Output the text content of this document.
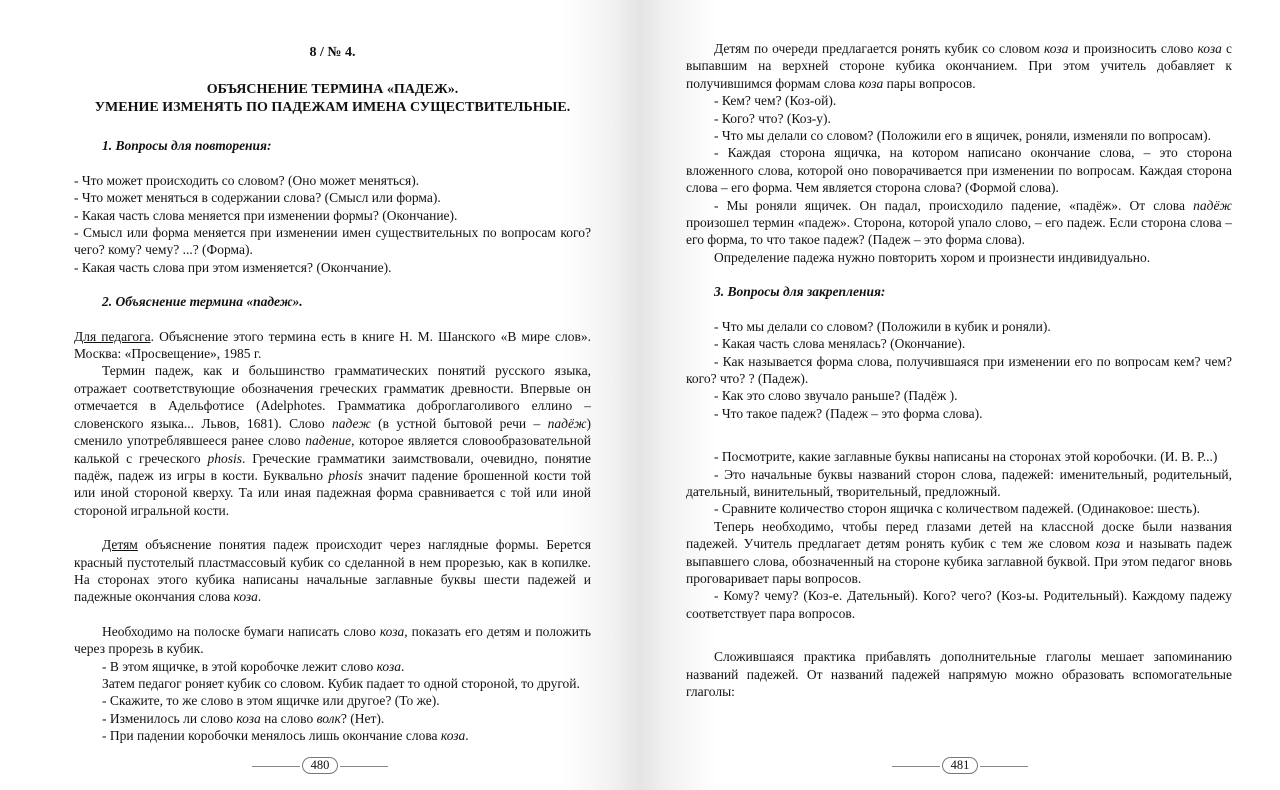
8 / № 4.

ОБЪЯСНЕНИЕ ТЕРМИНА «ПАДЕЖ».

УМЕНИЕ ИЗМЕНЯТЬ ПО ПАДЕЖАМ ИМЕНА СУЩЕСТВИТЕЛЬНЫЕ.

1. Вопросы для повторения:

- Что может происходить со словом? (Оно может меняться).

- Что может меняться в содержании слова? (Смысл или форма).

- Какая часть слова меняется при изменении формы? (Окончание).

- Смысл или форма меняется при изменении имен существительных по вопросам кого? чего? кому? чему? ...? (Форма).

- Какая часть слова при этом изменяется? (Окончание).

2. Объяснение термина «падеж».

Для педагога. Объяснение этого термина есть в книге Н. М. Шанского «В мире слов». Москва: «Просвещение», 1985 г.

Термин падеж, как и большинство грамматических понятий русского языка, отражает соответствующие обозначения греческих грамматик древности. Впервые он отмечается в Адельфотисе (Adelphotes. Грамматика доброглаголивого еллино – словенского языка... Львов, 1681). Слово падеж (в устной бытовой речи – падёж) сменило употреблявшееся ранее слово падение, которое является словообразовательной калькой с греческого phosis. Греческие грамматики заимствовали, очевидно, понятие падёж, падеж из игры в кости. Буквально phosis значит падение брошенной кости той или иной стороной кверху. Та или иная падежная форма сравнивается с той или иной стороной игральной кости.

Детям объяснение понятия падеж происходит через наглядные формы. Берется красный пустотелый пластмассовый кубик со сделанной в нем прорезью, как в копилке. На сторонах этого кубика написаны начальные заглавные буквы шести падежей и падежные окончания слова коза.

Необходимо на полоске бумаги написать слово коза, показать его детям и положить через прорезь в кубик.

- В этом ящичке, в этой коробочке лежит слово коза.

Затем педагог роняет кубик со словом. Кубик падает то одной стороной, то другой.

- Скажите, то же слово в этом ящичке или другое? (То же).

- Изменилось ли слово коза на слово волк? (Нет).

- При падении коробочки менялось лишь окончание слова коза.

480

Детям по очереди предлагается ронять кубик со словом коза и произносить слово коза с выпавшим на верхней стороне кубика окончанием. При этом учитель добавляет к получившимся формам слова коза пары вопросов.

- Кем? чем? (Коз-ой).

- Кого? что? (Коз-у).

- Что мы делали со словом? (Положили его в ящичек, роняли, изменяли по вопросам).

- Каждая сторона ящичка, на котором написано окончание слова, – это сторона вложенного слова, которой оно поворачивается при изменении по вопросам. Каждая сторона слова – его форма. Чем является сторона слова? (Формой слова).

- Мы роняли ящичек. Он падал, происходило падение, «падёж». От слова падёж произошел термин «падеж». Сторона, которой упало слово, – его падеж. Если сторона слова – его форма, то что такое падеж? (Падеж – это форма слова).

Определение падежа нужно повторить хором и произнести индивидуально.

3. Вопросы для закрепления:

- Что мы делали со словом? (Положили в кубик и роняли).

- Какая часть слова менялась? (Окончание).

- Как называется форма слова, получившаяся при изменении его по вопросам кем? чем? кого? что? ? (Падеж).

- Как это слово звучало раньше? (Падёж ).

- Что такое падеж? (Падеж – это форма слова).

- Посмотрите, какие заглавные буквы написаны на сторонах этой коробочки. (И. В. Р...)

- Это начальные буквы названий сторон слова, падежей: именительный, родительный, дательный, винительный, творительный, предложный.

- Сравните количество сторон ящичка с количеством падежей. (Одинаковое: шесть).

Теперь необходимо, чтобы перед глазами детей на классной доске были названия падежей. Учитель предлагает детям ронять кубик с тем же словом коза и называть падеж выпавшего слова, обозначенный на стороне кубика заглавной буквой. При этом педагог вновь проговаривает пары вопросов.

- Кому? чему? (Коз-е. Дательный). Кого? чего? (Коз-ы. Родительный). Каждому падежу соответствует пара вопросов.

Сложившаяся практика прибавлять дополнительные глаголы мешает запоминанию названий падежей. От названий падежей напрямую можно образовать вспомогательные глаголы:

481
